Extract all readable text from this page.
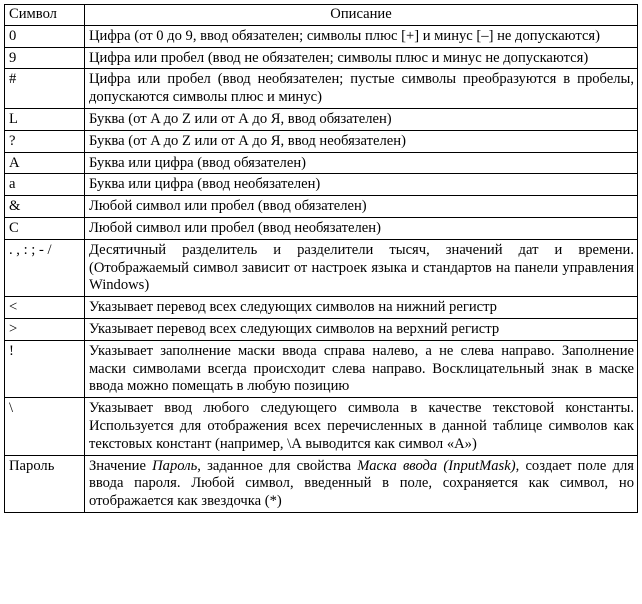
Символ	Описание
0	Цифра (от 0 до 9, ввод обязателен; символы плюс [+] и минус [–] не допускаются)
9	Цифра или пробел (ввод не обязателен; символы плюс и минус не допускаются)
#	Цифра или пробел (ввод необязателен; пустые символы преобразуются в пробелы, допускаются символы плюс и минус)
L	Буква (от A до Z или от А до Я, ввод обязателен)
?	Буква (от A до Z или от А до Я, ввод необязателен)
A	Буква или цифра (ввод обязателен)
a	Буква или цифра (ввод необязателен)
&	Любой символ или пробел (ввод обязателен)
C	Любой символ или пробел (ввод необязателен)
. , : ; - /	Десятичный разделитель и разделители тысяч, значений дат и времени. (Отображаемый символ зависит от настроек языка и стандартов на панели управления Windows)
<	Указывает перевод всех следующих символов на нижний регистр
>	Указывает перевод всех следующих символов на верхний регистр
!	Указывает заполнение маски ввода справа налево, а не слева направо. Заполнение маски символами всегда происходит слева направо. Восклицательный знак в маске ввода можно помещать в любую позицию
\	Указывает ввод любого следующего символа в качестве текстовой константы. Используется для отображения всех перечисленных в данной таблице символов как текстовых констант (например, \А выводится как символ «А»)
Пароль	Значение Пароль, заданное для свойства Маска ввода (InputMask), создает поле для ввода пароля. Любой символ, введенный в поле, сохраняется как символ, но отображается как звездочка (*)
